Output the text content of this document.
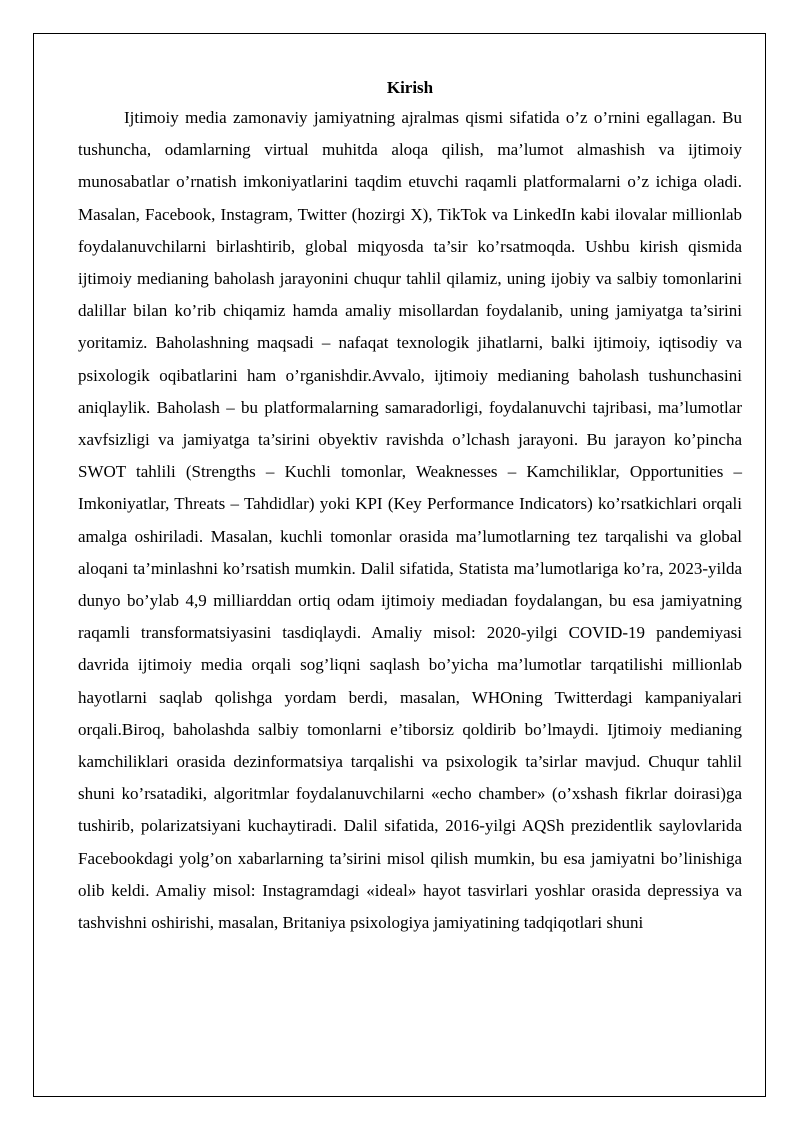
Kirish

Ijtimoiy media zamonaviy jamiyatning ajralmas qismi sifatida o’z o’rnini egallagan. Bu tushuncha, odamlarning virtual muhitda aloqa qilish, ma’lumot almashish va ijtimoiy munosabatlar o’rnatish imkoniyatlarini taqdim etuvchi raqamli platformalarni o’z ichiga oladi. Masalan, Facebook, Instagram, Twitter (hozirgi X), TikTok va LinkedIn kabi ilovalar millionlab foydalanuvchilarni birlashtirib, global miqyosda ta’sir ko’rsatmoqda. Ushbu kirish qismida ijtimoiy medianing baholash jarayonini chuqur tahlil qilamiz, uning ijobiy va salbiy tomonlarini dalillar bilan ko’rib chiqamiz hamda amaliy misollardan foydalanib, uning jamiyatga ta’sirini yoritamiz. Baholashning maqsadi – nafaqat texnologik jihatlarni, balki ijtimoiy, iqtisodiy va psixologik oqibatlarini ham o’rganishdir.Avvalo, ijtimoiy medianing baholash tushunchasini aniqlaylik. Baholash – bu platformalarning samaradorligi, foydalanuvchi tajribasi, ma’lumotlar xavfsizligi va jamiyatga ta’sirini obyektiv ravishda o’lchash jarayoni. Bu jarayon ko’pincha SWOT tahlili (Strengths – Kuchli tomonlar, Weaknesses – Kamchiliklar, Opportunities – Imkoniyatlar, Threats – Tahdidlar) yoki KPI (Key Performance Indicators) ko’rsatkichlari orqali amalga oshiriladi. Masalan, kuchli tomonlar orasida ma’lumotlarning tez tarqalishi va global aloqani ta’minlashni ko’rsatish mumkin. Dalil sifatida, Statista ma’lumotlariga ko’ra, 2023-yilda dunyo bo’ylab 4,9 milliarddan ortiq odam ijtimoiy mediadan foydalangan, bu esa jamiyatning raqamli transformatsiyasini tasdiqlaydi. Amaliy misol: 2020-yilgi COVID-19 pandemiyasi davrida ijtimoiy media orqali sog’liqni saqlash bo’yicha ma’lumotlar tarqatilishi millionlab hayotlarni saqlab qolishga yordam berdi, masalan, WHOning Twitterdagi kampaniyalari orqali.Biroq, baholashda salbiy tomonlarni e’tiborsiz qoldirib bo’lmaydi. Ijtimoiy medianing kamchiliklari orasida dezinformatsiya tarqalishi va psixologik ta’sirlar mavjud. Chuqur tahlil shuni ko’rsatadiki, algoritmlar foydalanuvchilarni «echo chamber» (o’xshash fikrlar doirasi)ga tushirib, polarizatsiyani kuchaytiradi. Dalil sifatida, 2016-yilgi AQSh prezidentlik saylovlarida Facebookdagi yolg’on xabarlarning ta’sirini misol qilish mumkin, bu esa jamiyatni bo’linishiga olib keldi. Amaliy misol: Instagramdagi «ideal» hayot tasvirlari yoshlar orasida depressiya va tashvishni oshirishi, masalan, Britaniya psixologiya jamiyatining tadqiqotlari shuni
